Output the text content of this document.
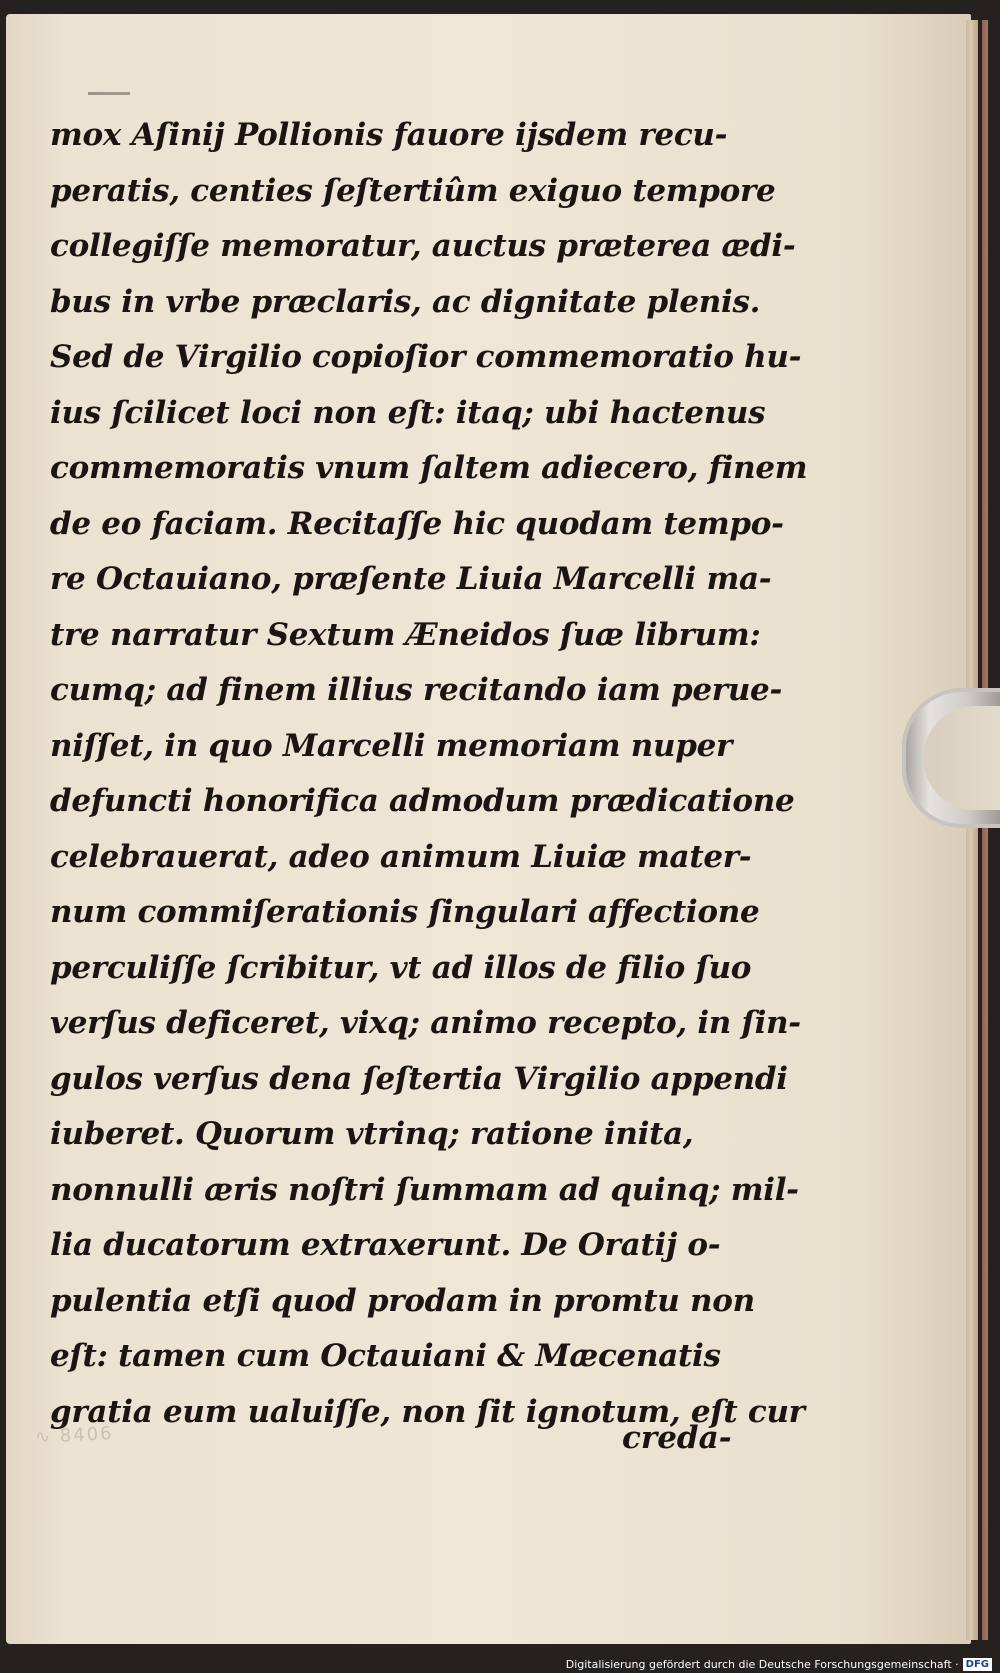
∿ 8406
mox Aſinij Pollionis fauore ijsdem recu-
peratis, centies ſeſtertiûm exiguo tempore
collegiſſe memoratur, auctus præterea ædi-
bus in vrbe præclaris, ac dignitate plenis.
Sed de Virgilio copioſior commemoratio hu-
ius ſcilicet loci non eſt: itaq; ubi hactenus
commemoratis vnum ſaltem adiecero, finem
de eo faciam. Recitaſſe hic quodam tempo-
re Octauiano, præſente Liuia Marcelli ma-
tre narratur Sextum Æneidos ſuæ librum:
cumq; ad finem illius recitando iam perue-
niſſet, in quo Marcelli memoriam nuper
defuncti honorifica admodum prædicatione
celebrauerat, adeo animum Liuiæ mater-
num commiſerationis ſingulari affectione
perculiſſe ſcribitur, vt ad illos de filio ſuo
verſus deficeret, vixq; animo recepto, in ſin-
gulos verſus dena ſeſtertia Virgilio appendi
iuberet. Quorum vtrinq; ratione inita,
nonnulli æris noſtri ſummam ad quinq; mil-
lia ducatorum extraxerunt. De Oratij o-
pulentia etſi quod prodam in promtu non
eſt: tamen cum Octauiani & Mæcenatis
gratia eum ualuiſſe, non ſit ignotum, eſt cur
creda-
Digitalisierung gefördert durch die Deutsche Forschungsgemeinschaft · DFG
